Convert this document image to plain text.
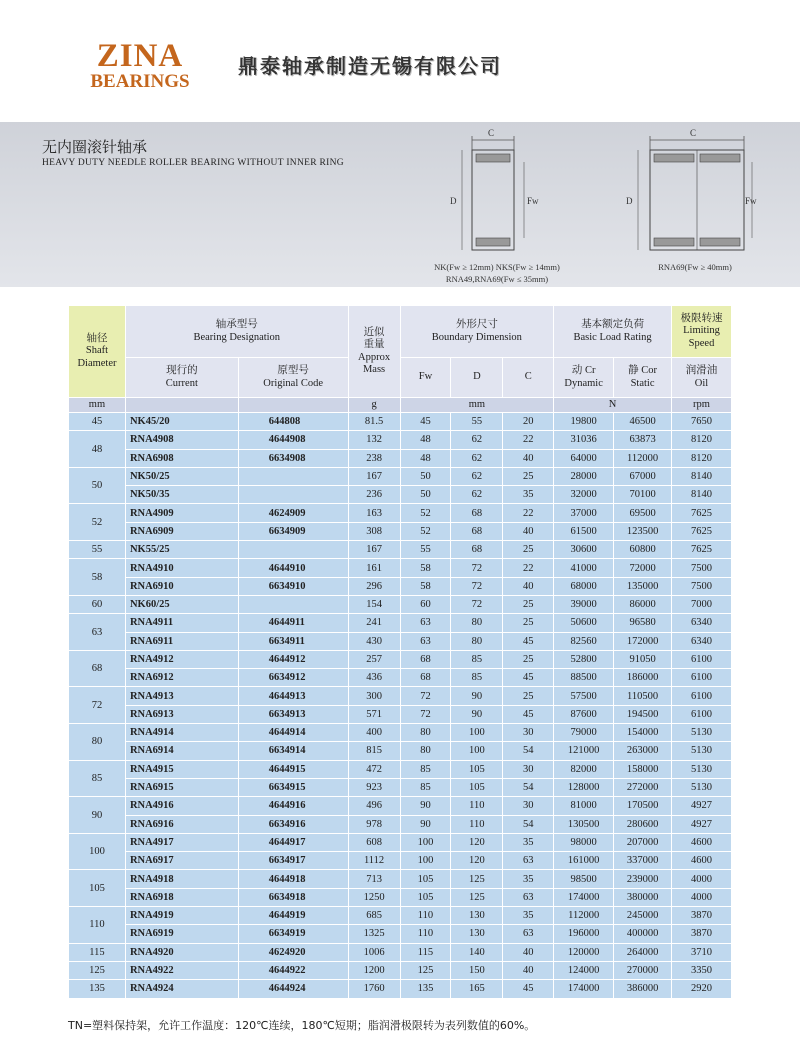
ZINA
BEARINGS
鼎泰轴承制造无锡有限公司
无内圈滚针轴承
HEAVY DUTY NEEDLE ROLLER BEARING WITHOUT INNER RING
C
D	Fw
NK(Fw ≥ 12mm) NKS(Fw ≥ 14mm)
RNA49,RNA69(Fw ≤ 35mm)
C
D	Fw
RNA69(Fw ≥ 40mm)
轴径
Shaft Diameter	轴承型号
Bearing Designation		近似
重量
Approx Mass	外形尺寸
Boundary Dimension			基本额定负荷
Basic Load Rating		极限转速
Limiting Speed
	现行的
Current	原型号
Original Code		Fw	D	C	动 Cr
Dynamic	静 Cor
Static	润滑油
Oil
mm			g	mm			N		rpm
45	NK45/20	644808	81.5	45	55	20	19800	46500	7650
48	RNA4908	4644908	132	48	62	22	31036	63873	8120
	RNA6908	6634908	238	48	62	40	64000	112000	8120
50	NK50/25		167	50	62	25	28000	67000	8140
	NK50/35		236	50	62	35	32000	70100	8140
52	RNA4909	4624909	163	52	68	22	37000	69500	7625
	RNA6909	6634909	308	52	68	40	61500	123500	7625
55	NK55/25		167	55	68	25	30600	60800	7625
58	RNA4910	4644910	161	58	72	22	41000	72000	7500
	RNA6910	6634910	296	58	72	40	68000	135000	7500
60	NK60/25		154	60	72	25	39000	86000	7000
63	RNA4911	4644911	241	63	80	25	50600	96580	6340
	RNA6911	6634911	430	63	80	45	82560	172000	6340
68	RNA4912	4644912	257	68	85	25	52800	91050	6100
	RNA6912	6634912	436	68	85	45	88500	186000	6100
72	RNA4913	4644913	300	72	90	25	57500	110500	6100
	RNA6913	6634913	571	72	90	45	87600	194500	6100
80	RNA4914	4644914	400	80	100	30	79000	154000	5130
	RNA6914	6634914	815	80	100	54	121000	263000	5130
85	RNA4915	4644915	472	85	105	30	82000	158000	5130
	RNA6915	6634915	923	85	105	54	128000	272000	5130
90	RNA4916	4644916	496	90	110	30	81000	170500	4927
	RNA6916	6634916	978	90	110	54	130500	280600	4927
100	RNA4917	4644917	608	100	120	35	98000	207000	4600
	RNA6917	6634917	1112	100	120	63	161000	337000	4600
105	RNA4918	4644918	713	105	125	35	98500	239000	4000
	RNA6918	6634918	1250	105	125	63	174000	380000	4000
110	RNA4919	4644919	685	110	130	35	112000	245000	3870
	RNA6919	6634919	1325	110	130	63	196000	400000	3870
115	RNA4920	4624920	1006	115	140	40	120000	264000	3710
125	RNA4922	4644922	1200	125	150	40	124000	270000	3350
135	RNA4924	4644924	1760	135	165	45	174000	386000	2920
TN=塑料保持架，允许工作温度：120℃连续，180℃短期；脂润滑极限转为表列数值的60%。
